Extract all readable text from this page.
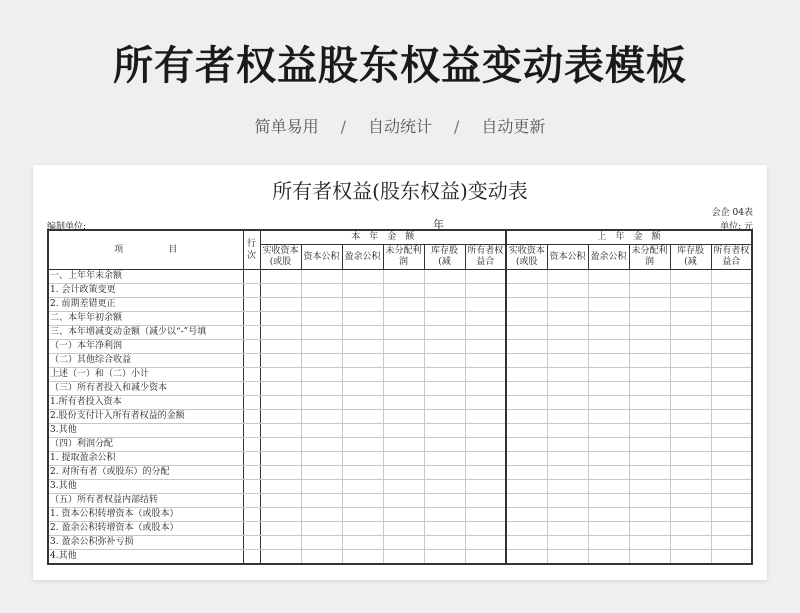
所有者权益股东权益变动表模板
简单易用 / 自动统计 / 自动更新
所有者权益(股东权益)变动表
会企 04表
编制单位:	年	单位: 元
项　　　　　目	行次	本　年　金　额						上　年　金　额					
		实收资本(或股	资本公积	盈余公积	未分配利润	库存股(减	所有者权益合	实收资本(或股	资本公积	盈余公积	未分配利润	库存股(减	所有者权益合
一、上年年末余额													
1. 会计政策变更													
2. 前期差错更正													
二、本年年初余额													
三、本年增减变动金额（减少以“-”号填													
（一）本年净利润													
（二）其他综合收益													
上述（一）和（二）小计													
（三）所有者投入和减少资本													
1.所有者投入资本													
2.股份支付计入所有者权益的金额													
3.其他													
（四）利润分配													
1. 提取盈余公积													
2. 对所有者（或股东）的分配													
3.其他													
（五）所有者权益内部结转													
1. 资本公积转增资本（或股本）													
2. 盈余公积转增资本（或股本）													
3. 盈余公积弥补亏损													
4.其他													
